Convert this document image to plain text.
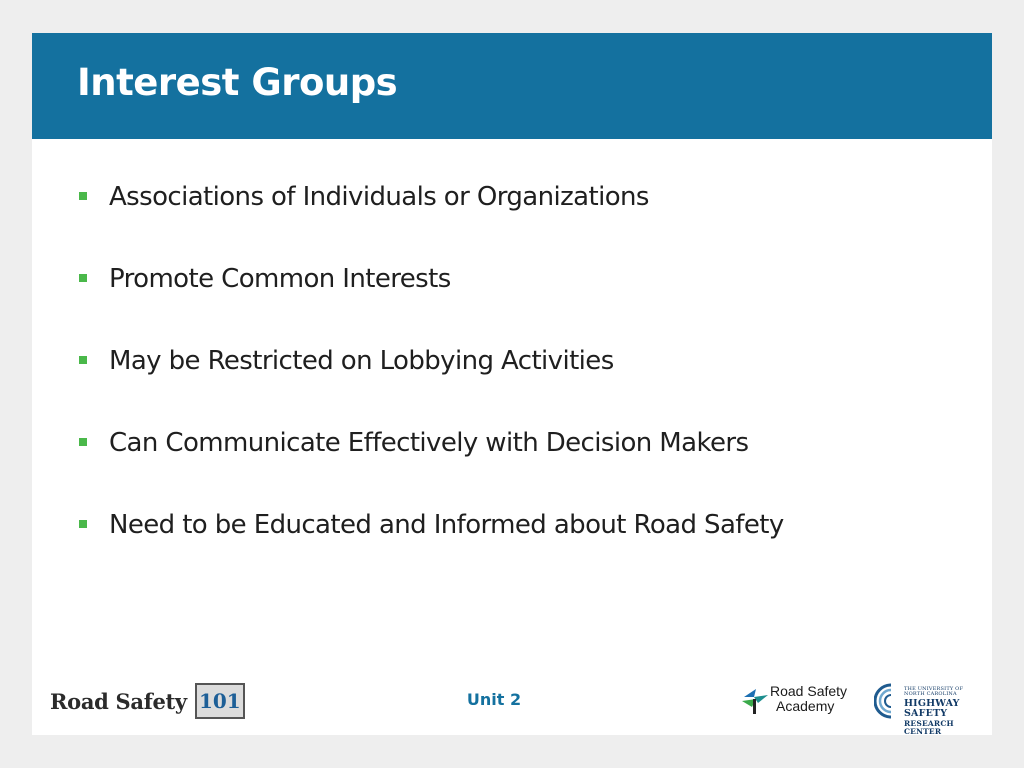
Interest Groups
Associations of Individuals or Organizations
Promote Common Interests
May be Restricted on Lobbying Activities
Can Communicate Effectively with Decision Makers
Need to be Educated and Informed about Road Safety
Road Safety 101	Unit 2	Road Safety
Academy
THE UNIVERSITY OF NORTH CAROLINA
HIGHWAY SAFETY
RESEARCH CENTER
